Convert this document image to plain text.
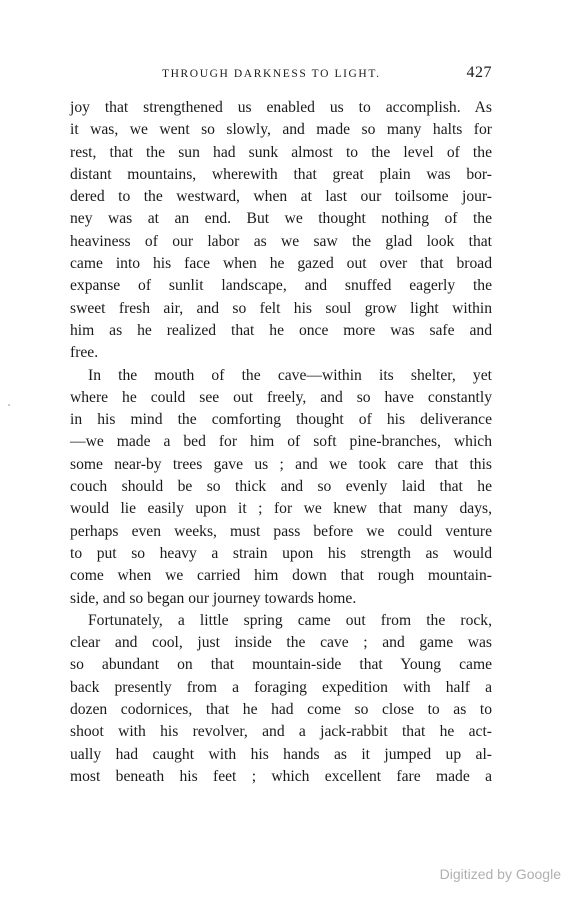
THROUGH DARKNESS TO LIGHT.	427

joy that strengthened us enabled us to accomplish. As
it was, we went so slowly, and made so many halts for
rest, that the sun had sunk almost to the level of the
distant mountains, wherewith that great plain was bor-
dered to the westward, when at last our toilsome jour-
ney was at an end. But we thought nothing of the
heaviness of our labor as we saw the glad look that
came into his face when he gazed out over that broad
expanse of sunlit landscape, and snuffed eagerly the
sweet fresh air, and so felt his soul grow light within
him as he realized that he once more was safe and
free.

In the mouth of the cave—within its shelter, yet
where he could see out freely, and so have constantly
in his mind the comforting thought of his deliverance
—we made a bed for him of soft pine-branches, which
some near-by trees gave us ; and we took care that this
couch should be so thick and so evenly laid that he
would lie easily upon it ; for we knew that many days,
perhaps even weeks, must pass before we could venture
to put so heavy a strain upon his strength as would
come when we carried him down that rough mountain-
side, and so began our journey towards home.

Fortunately, a little spring came out from the rock,
clear and cool, just inside the cave ; and game was
so abundant on that mountain-side that Young came
back presently from a foraging expedition with half a
dozen codornices, that he had come so close to as to
shoot with his revolver, and a jack-rabbit that he act-
ually had caught with his hands as it jumped up al-
most beneath his feet ; which excellent fare made a

Digitized by Google
